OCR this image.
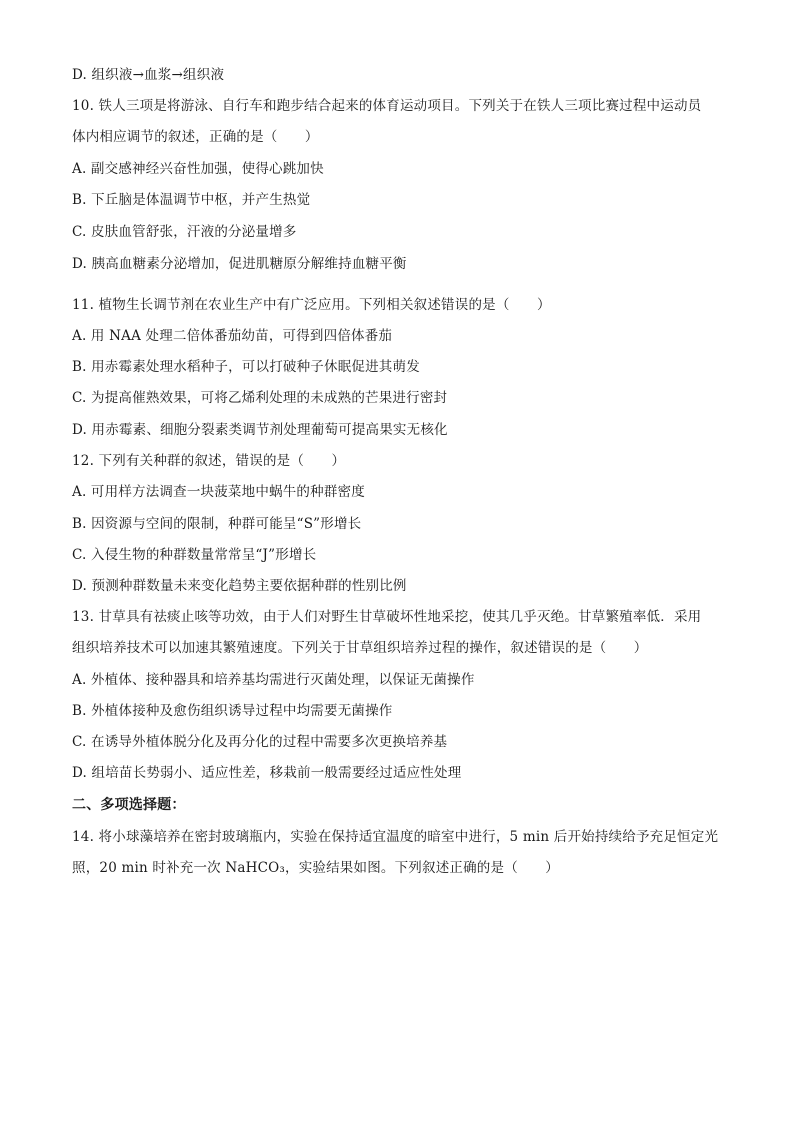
D. 组织液→血浆→组织液
10. 铁人三项是将游泳、自行车和跑步结合起来的体育运动项目。下列关于在铁人三项比赛过程中运动员
体内相应调节的叙述，正确的是（　　）
A. 副交感神经兴奋性加强，使得心跳加快
B. 下丘脑是体温调节中枢，并产生热觉
C. 皮肤血管舒张，汗液的分泌量增多
D. 胰高血糖素分泌增加，促进肌糖原分解维持血糖平衡
11. 植物生长调节剂在农业生产中有广泛应用。下列相关叙述错误的是（　　）
A. 用 NAA 处理二倍体番茄幼苗，可得到四倍体番茄
B. 用赤霉素处理水稻种子，可以打破种子休眠促进其萌发
C. 为提高催熟效果，可将乙烯利处理的未成熟的芒果进行密封
D. 用赤霉素、细胞分裂素类调节剂处理葡萄可提高果实无核化
12. 下列有关种群的叙述，错误的是（　　）
A. 可用样方法调查一块菠菜地中蜗牛的种群密度
B. 因资源与空间的限制，种群可能呈“S”形增长
C. 入侵生物的种群数量常常呈“J”形增长
D. 预测种群数量未来变化趋势主要依据种群的性别比例
13. 甘草具有祛痰止咳等功效，由于人们对野生甘草破坏性地采挖，使其几乎灭绝。甘草繁殖率低．采用
组织培养技术可以加速其繁殖速度。下列关于甘草组织培养过程的操作，叙述错误的是（　　）
A. 外植体、接种器具和培养基均需进行灭菌处理，以保证无菌操作
B. 外植体接种及愈伤组织诱导过程中均需要无菌操作
C. 在诱导外植体脱分化及再分化的过程中需要多次更换培养基
D. 组培苗长势弱小、适应性差，移栽前一般需要经过适应性处理
二、多项选择题：
14. 将小球藻培养在密封玻璃瓶内，实验在保持适宜温度的暗室中进行，5 min 后开始持续给予充足恒定光
照，20 min 时补充一次 NaHCO₃，实验结果如图。下列叙述正确的是（　　）
